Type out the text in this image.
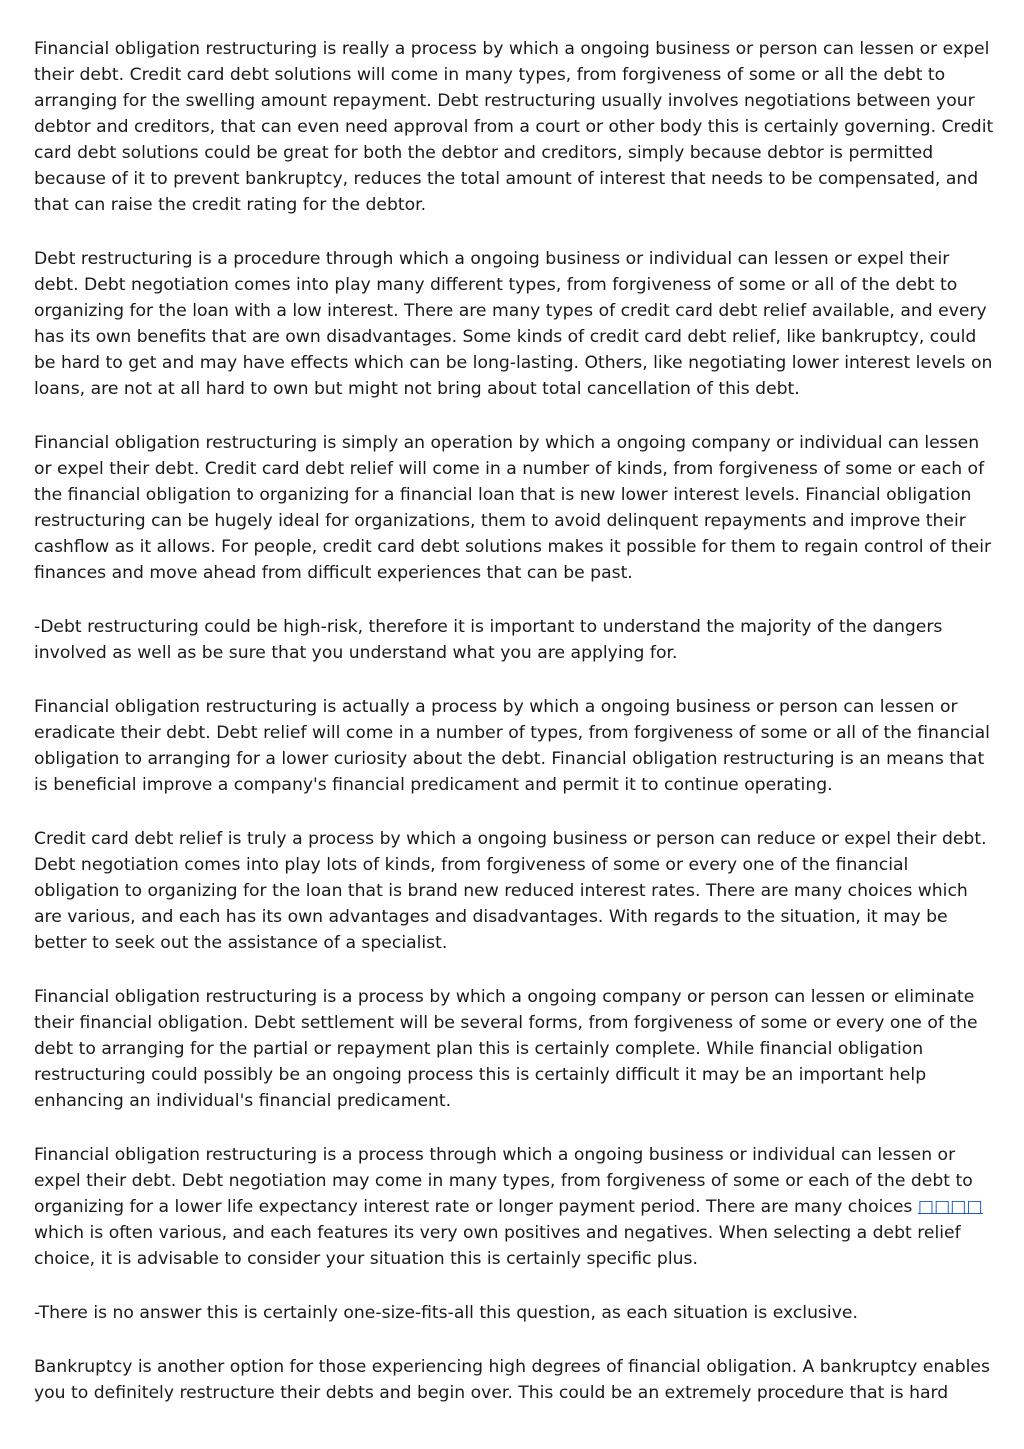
Financial obligation restructuring is really a process by which a ongoing business or person can lessen or expel their debt. Credit card debt solutions will come in many types, from forgiveness of some or all the debt to arranging for the swelling amount repayment. Debt restructuring usually involves negotiations between your debtor and creditors, that can even need approval from a court or other body this is certainly governing. Credit card debt solutions could be great for both the debtor and creditors, simply because debtor is permitted because of it to prevent bankruptcy, reduces the total amount of interest that needs to be compensated, and that can raise the credit rating for the debtor.

Debt restructuring is a procedure through which a ongoing business or individual can lessen or expel their debt. Debt negotiation comes into play many different types, from forgiveness of some or all of the debt to organizing for the loan with a low interest. There are many types of credit card debt relief available, and every has its own benefits that are own disadvantages. Some kinds of credit card debt relief, like bankruptcy, could be hard to get and may have effects which can be long-lasting. Others, like negotiating lower interest levels on loans, are not at all hard to own but might not bring about total cancellation of this debt.

Financial obligation restructuring is simply an operation by which a ongoing company or individual can lessen or expel their debt. Credit card debt relief will come in a number of kinds, from forgiveness of some or each of the financial obligation to organizing for a financial loan that is new lower interest levels. Financial obligation restructuring can be hugely ideal for organizations, them to avoid delinquent repayments and improve their cashflow as it allows. For people, credit card debt solutions makes it possible for them to regain control of their finances and move ahead from difficult experiences that can be past.

-Debt restructuring could be high-risk, therefore it is important to understand the majority of the dangers involved as well as be sure that you understand what you are applying for.

Financial obligation restructuring is actually a process by which a ongoing business or person can lessen or eradicate their debt. Debt relief will come in a number of types, from forgiveness of some or all of the financial obligation to arranging for a lower curiosity about the debt. Financial obligation restructuring is an means that is beneficial improve a company's financial predicament and permit it to continue operating.

Credit card debt relief is truly a process by which a ongoing business or person can reduce or expel their debt. Debt negotiation comes into play lots of kinds, from forgiveness of some or every one of the financial obligation to organizing for the loan that is brand new reduced interest rates. There are many choices which are various, and each has its own advantages and disadvantages. With regards to the situation, it may be better to seek out the assistance of a specialist.

Financial obligation restructuring is a process by which a ongoing company or person can lessen or eliminate their financial obligation. Debt settlement will be several forms, from forgiveness of some or every one of the debt to arranging for the partial or repayment plan this is certainly complete. While financial obligation restructuring could possibly be an ongoing process this is certainly difficult it may be an important help enhancing an individual's financial predicament.

Financial obligation restructuring is a process through which a ongoing business or individual can lessen or expel their debt. Debt negotiation may come in many types, from forgiveness of some or each of the debt to organizing for a lower life expectancy interest rate or longer payment period. There are many choices □□□□ which is often various, and each features its very own positives and negatives. When selecting a debt relief choice, it is advisable to consider your situation this is certainly specific plus.

-There is no answer this is certainly one-size-fits-all this question, as each situation is exclusive.

Bankruptcy is another option for those experiencing high degrees of financial obligation. A bankruptcy enables you to definitely restructure their debts and begin over. This could be an extremely procedure that is hard
